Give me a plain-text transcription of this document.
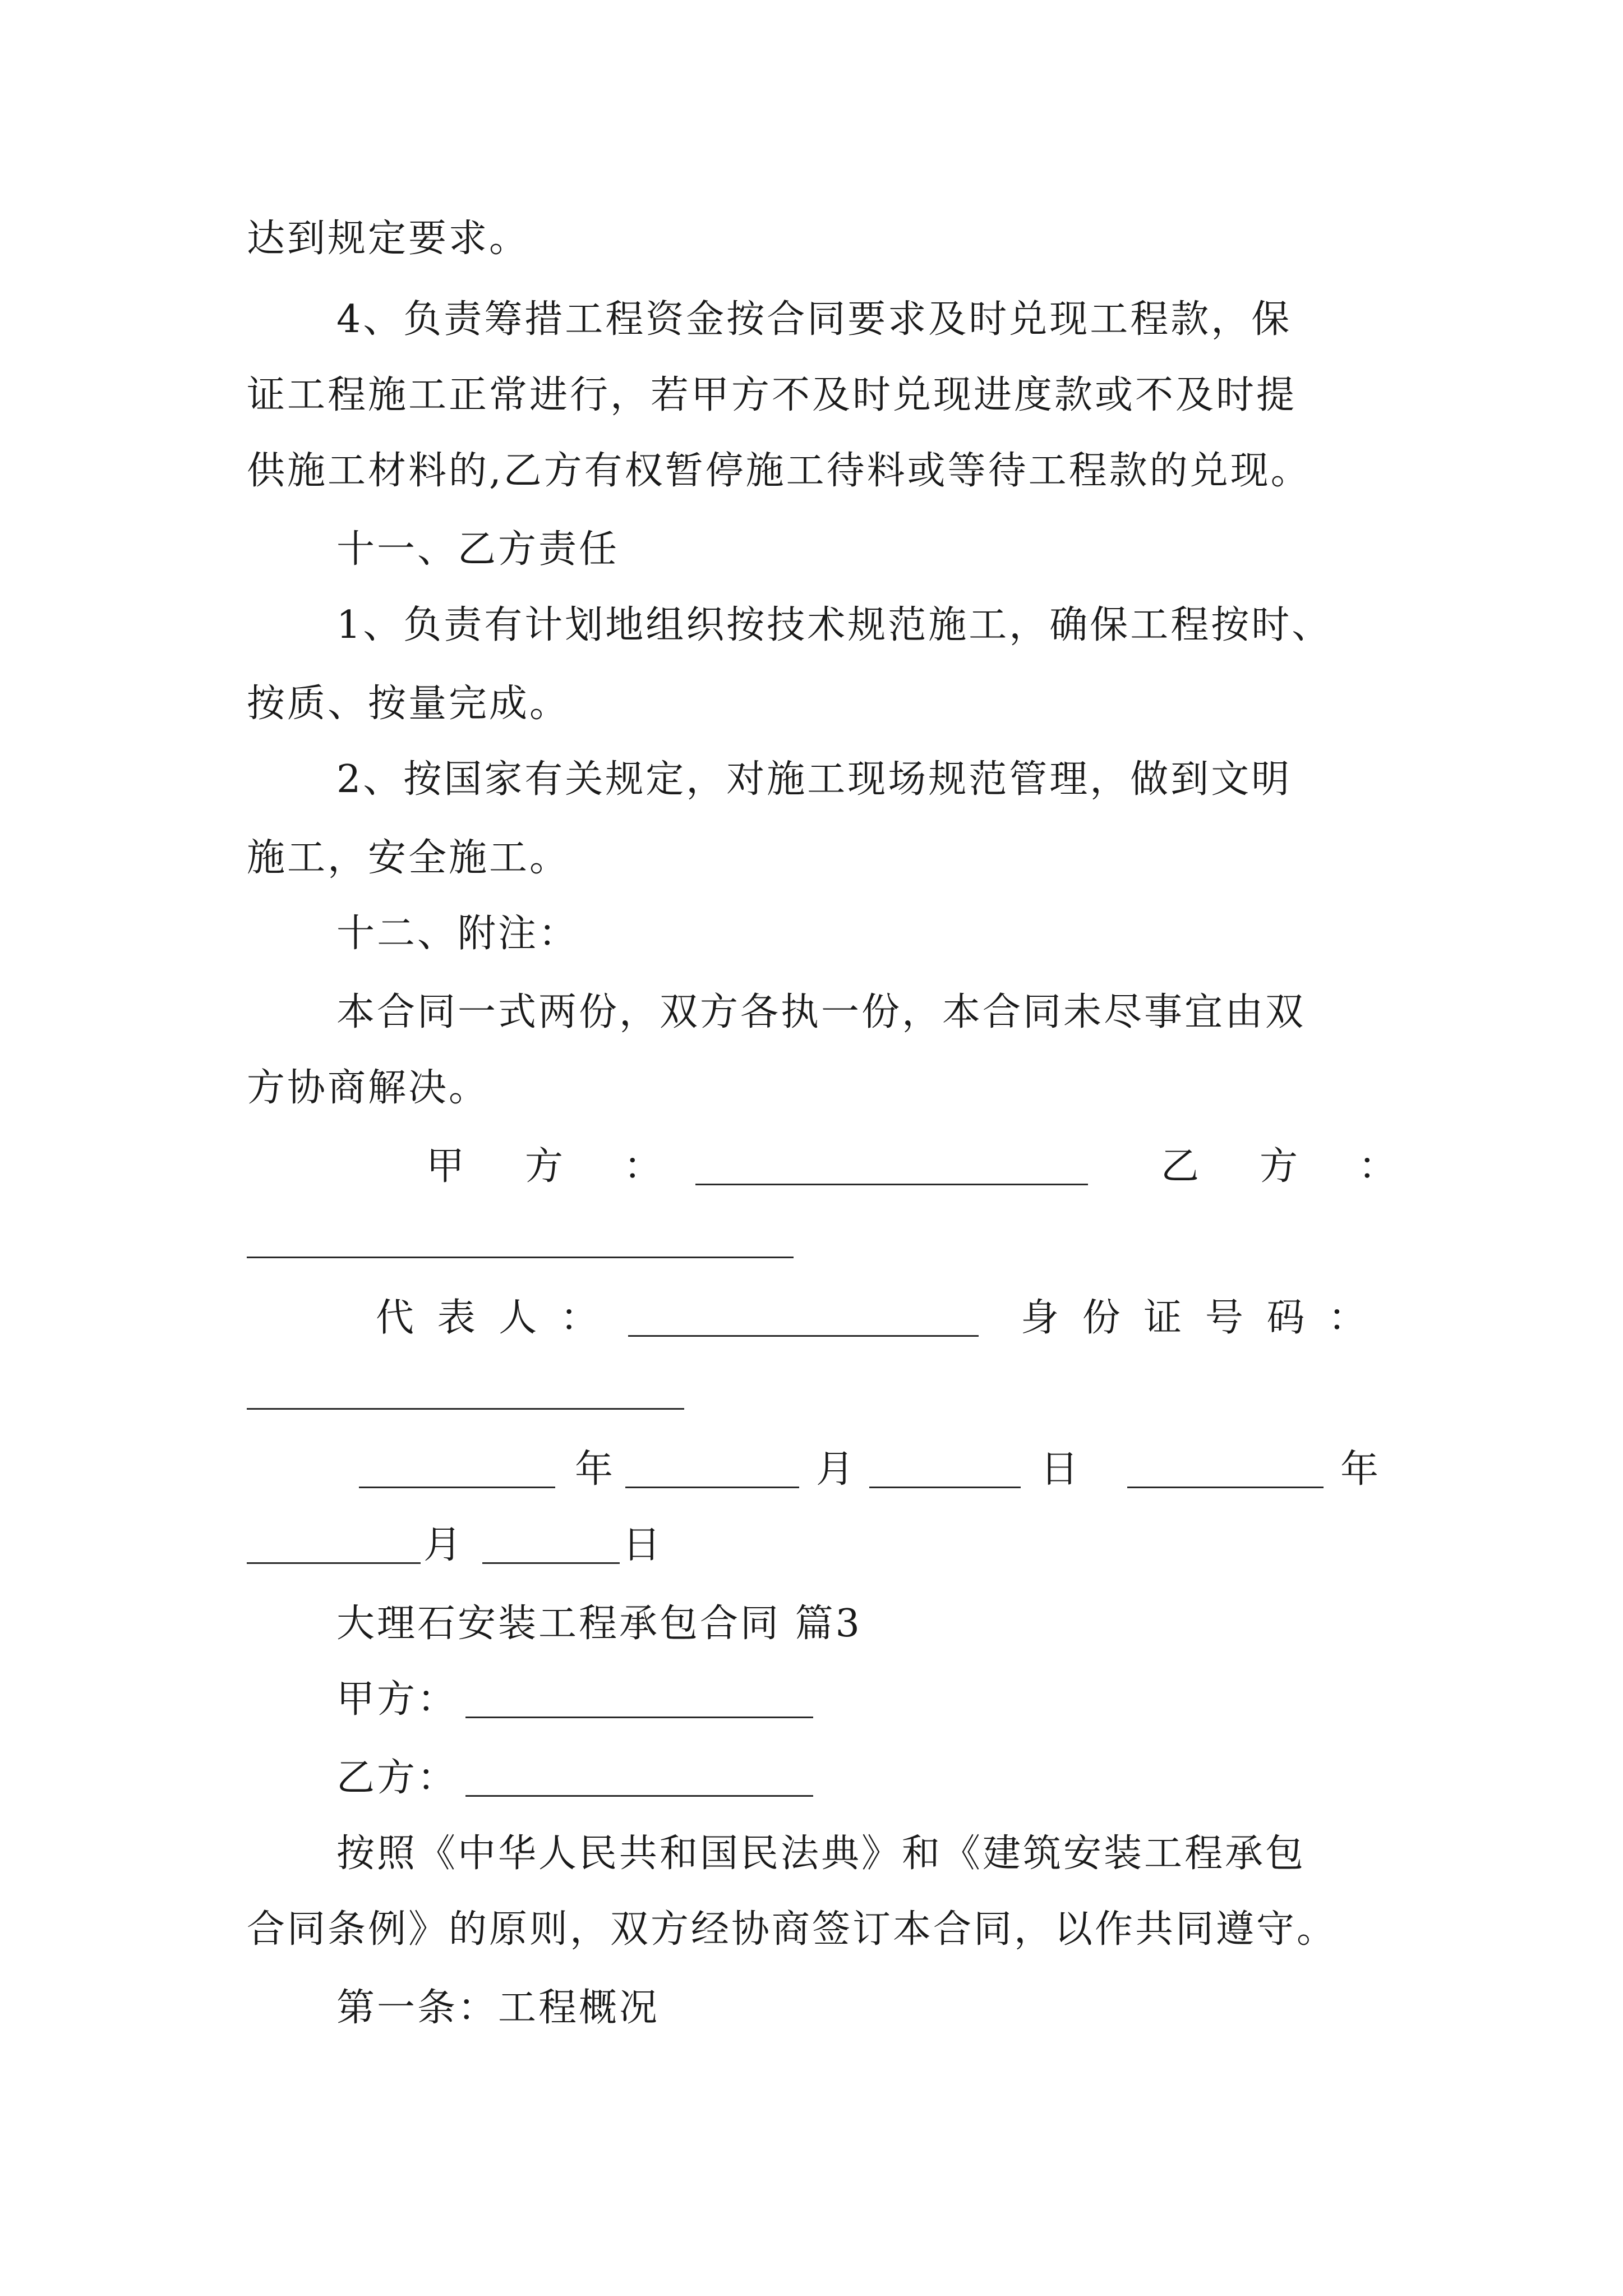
达到规定要求。
4、负责筹措工程资金按合同要求及时兑现工程款，保
证工程施工正常进行，若甲方不及时兑现进度款或不及时提
供施工材料的,乙方有权暂停施工待料或等待工程款的兑现。
十一、乙方责任
1、负责有计划地组织按技术规范施工，确保工程按时、
按质、按量完成。
2、按国家有关规定，对施工现场规范管理，做到文明
施工，安全施工。
十二、附注：
本合同一式两份，双方各执一份，本合同未尽事宜由双
方协商解决。
甲　方　：	乙　方　：
代 表 人 ：	身 份 证 号 码 ：
年	月	日	年
月	日
大理石安装工程承包合同 篇3
甲方：
乙方：
按照《中华人民共和国民法典》和《建筑安装工程承包
合同条例》的原则，双方经协商签订本合同，以作共同遵守。
第一条：工程概况
